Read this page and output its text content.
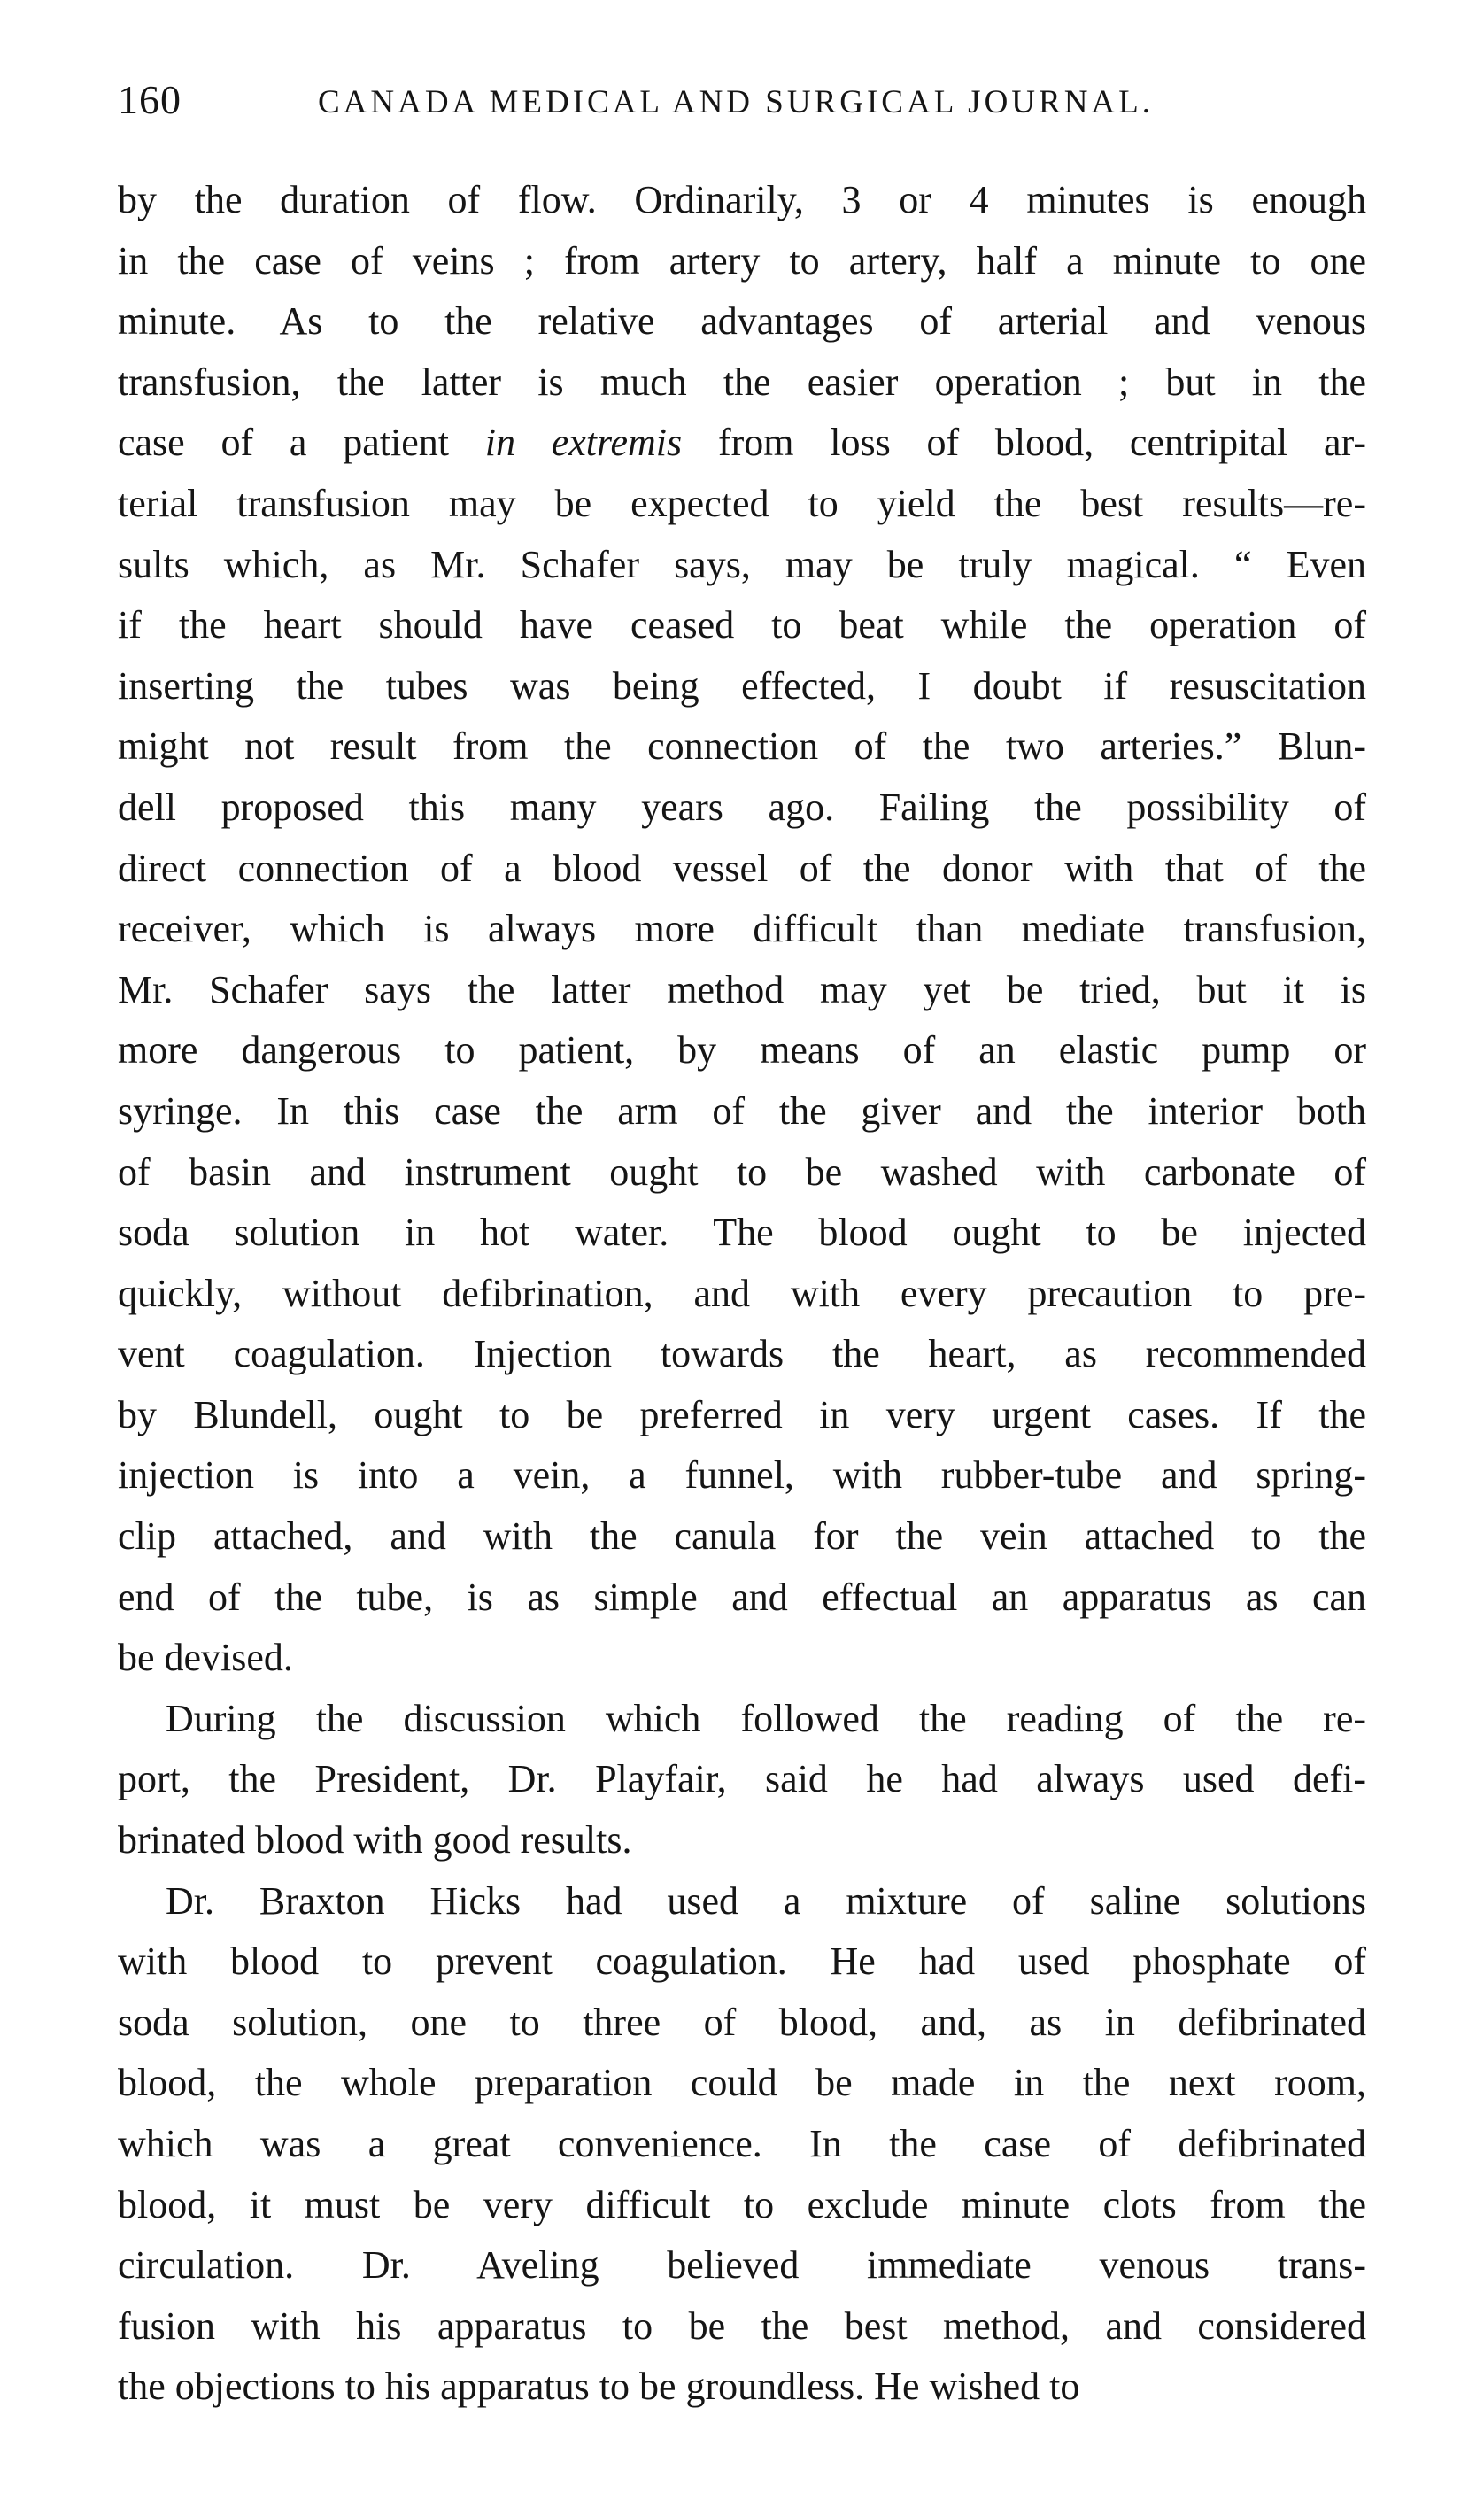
160	CANADA MEDICAL AND SURGICAL JOURNAL.
by the duration of flow. Ordinarily, 3 or 4 minutes is enough
in the case of veins ; from artery to artery, half a minute to one
minute. As to the relative advantages of arterial and venous
transfusion, the latter is much the easier operation ; but in the
case of a patient in extremis from loss of blood, centripital ar-
terial transfusion may be expected to yield the best results—re-
sults which, as Mr. Schafer says, may be truly magical. “ Even
if the heart should have ceased to beat while the operation of
inserting the tubes was being effected, I doubt if resuscitation
might not result from the connection of the two arteries.” Blun-
dell proposed this many years ago. Failing the possibility of
direct connection of a blood vessel of the donor with that of the
receiver, which is always more difficult than mediate transfusion,
Mr. Schafer says the latter method may yet be tried, but it is
more dangerous to patient, by means of an elastic pump or
syringe. In this case the arm of the giver and the interior both
of basin and instrument ought to be washed with carbonate of
soda solution in hot water. The blood ought to be injected
quickly, without defibrination, and with every precaution to pre-
vent coagulation. Injection towards the heart, as recommended
by Blundell, ought to be preferred in very urgent cases. If the
injection is into a vein, a funnel, with rubber-tube and spring-
clip attached, and with the canula for the vein attached to the
end of the tube, is as simple and effectual an apparatus as can
be devised.
During the discussion which followed the reading of the re-
port, the President, Dr. Playfair, said he had always used defi-
brinated blood with good results.
Dr. Braxton Hicks had used a mixture of saline solutions
with blood to prevent coagulation. He had used phosphate of
soda solution, one to three of blood, and, as in defibrinated
blood, the whole preparation could be made in the next room,
which was a great convenience. In the case of defibrinated
blood, it must be very difficult to exclude minute clots from the
circulation. Dr. Aveling believed immediate venous trans-
fusion with his apparatus to be the best method, and considered
the objections to his apparatus to be groundless. He wished to
